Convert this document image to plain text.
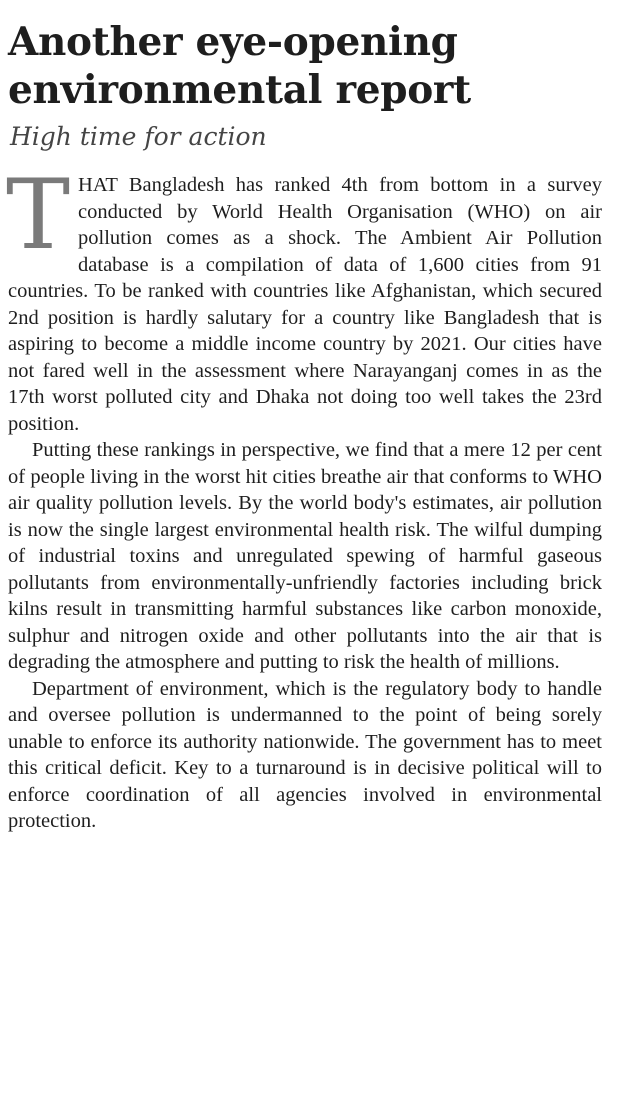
Another eye-opening environmental report
High time for action

THAT Bangladesh has ranked 4th from bottom in a survey conducted by World Health Organisation (WHO) on air pollution comes as a shock. The Ambient Air Pollution database is a compilation of data of 1,600 cities from 91 countries. To be ranked with countries like Afghanistan, which secured 2nd position is hardly salutary for a country like Bangladesh that is aspiring to become a middle income country by 2021. Our cities have not fared well in the assessment where Narayanganj comes in as the 17th worst polluted city and Dhaka not doing too well takes the 23rd position.

Putting these rankings in perspective, we find that a mere 12 per cent of people living in the worst hit cities breathe air that conforms to WHO air quality pollution levels. By the world body's estimates, air pollution is now the single largest environmental health risk. The wilful dumping of industrial toxins and unregulated spewing of harmful gaseous pollutants from environmentally-unfriendly factories including brick kilns result in transmitting harmful substances like carbon monoxide, sulphur and nitrogen oxide and other pollutants into the air that is degrading the atmosphere and putting to risk the health of millions.

Department of environment, which is the regulatory body to handle and oversee pollution is undermanned to the point of being sorely unable to enforce its authority nationwide. The government has to meet this critical deficit. Key to a turnaround is in decisive political will to enforce coordination of all agencies involved in environmental protection.
